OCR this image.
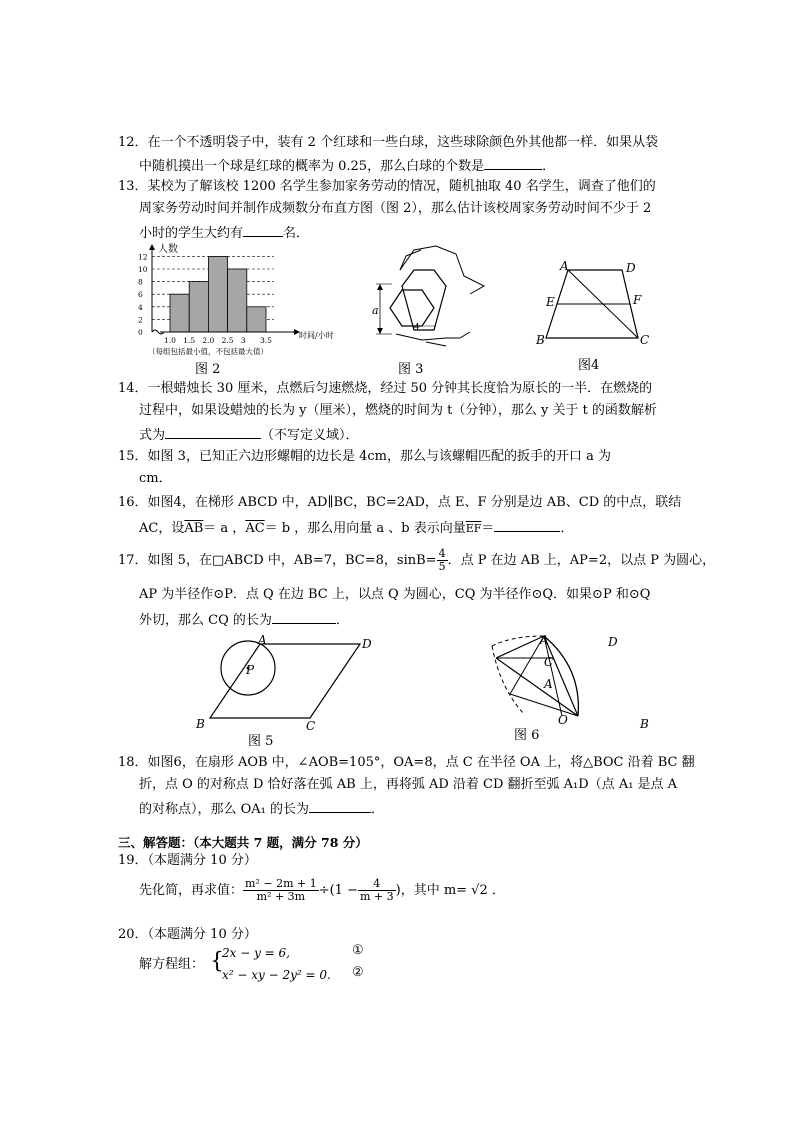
12．在一个不透明袋子中，装有 2 个红球和一些白球，这些球除颜色外其他都一样．如果从袋
中随机摸出一个球是红球的概率为 0.25，那么白球的个数是	．
13．某校为了解该校 1200 名学生参加家务劳动的情况，随机抽取 40 名学生，调查了他们的
周家务劳动时间并制作成频数分布直方图（图 2），那么估计该校周家务劳动时间不少于 2
小时的学生大约有	名．
人数
时间/小时
12
10
8
6
4
2
0
1.0 1.5 2.0 2.5 3 3.5
（每组包括最小值，不包括最大值）
图 2
a
4
图 3
A	D
E	F
B	C
图4
14．一根蜡烛长 30 厘米，点燃后匀速燃烧，经过 50 分钟其长度恰为原长的一半．在燃烧的
过程中，如果设蜡烛的长为 y（厘米），燃烧的时间为 t（分钟），那么 y 关于 t 的函数解析
式为	（不写定义域）．
15．如图 3，已知正六边形螺帽的边长是 4cm，那么与该螺帽匹配的扳手的开口 a 为
cm．
16．如图4，在梯形 ABCD 中，AD∥BC，BC=2AD，点 E、F 分别是边 AB、CD 的中点，联结
AC，设$\overline{AB}= a$ ，$\overline{AC}= b$ ，那么用向量 a 、b 表示向量$\overline{EF}=$	．
17．如图 5，在□ABCD 中，AB=7，BC=8，$\sin B= \frac{4}{5}$ ．点 P 在边 AB 上，AP=2，以点 P 为圆心，
AP 为半径作⊙P．点 Q 在边 BC 上，以点 Q 为圆心，CQ 为半径作⊙Q．如果⊙P 和⊙Q
外切，那么 CQ 的长为	．
A	D
P
B	C
图 5
A
C
A
O
D
B
图 6
18．如图6，在扇形 AOB 中，∠AOB=105°，OA=8，点 C 在半径 OA 上，将△BOC 沿着 BC 翻
折，点 O 的对称点 D 恰好落在弧 AB 上，再将弧 AD 沿着 CD 翻折至弧 A₁D（点 A₁ 是点 A
的对称点），那么 OA₁ 的长为	．
三、解答题：（本大题共 7 题，满分 78 分）
19．（本题满分 10 分）
先化简，再求值： $\frac{\text{m² − 2m + 1}}{\text{m² + 3m}} \div(1 - \frac{4}{m + 3}$ )，其中 m= √2 ．
20．（本题满分 10 分）
解方程组： {
2x − y = 6,
x² − xy − 2y² = 0.
①
②
